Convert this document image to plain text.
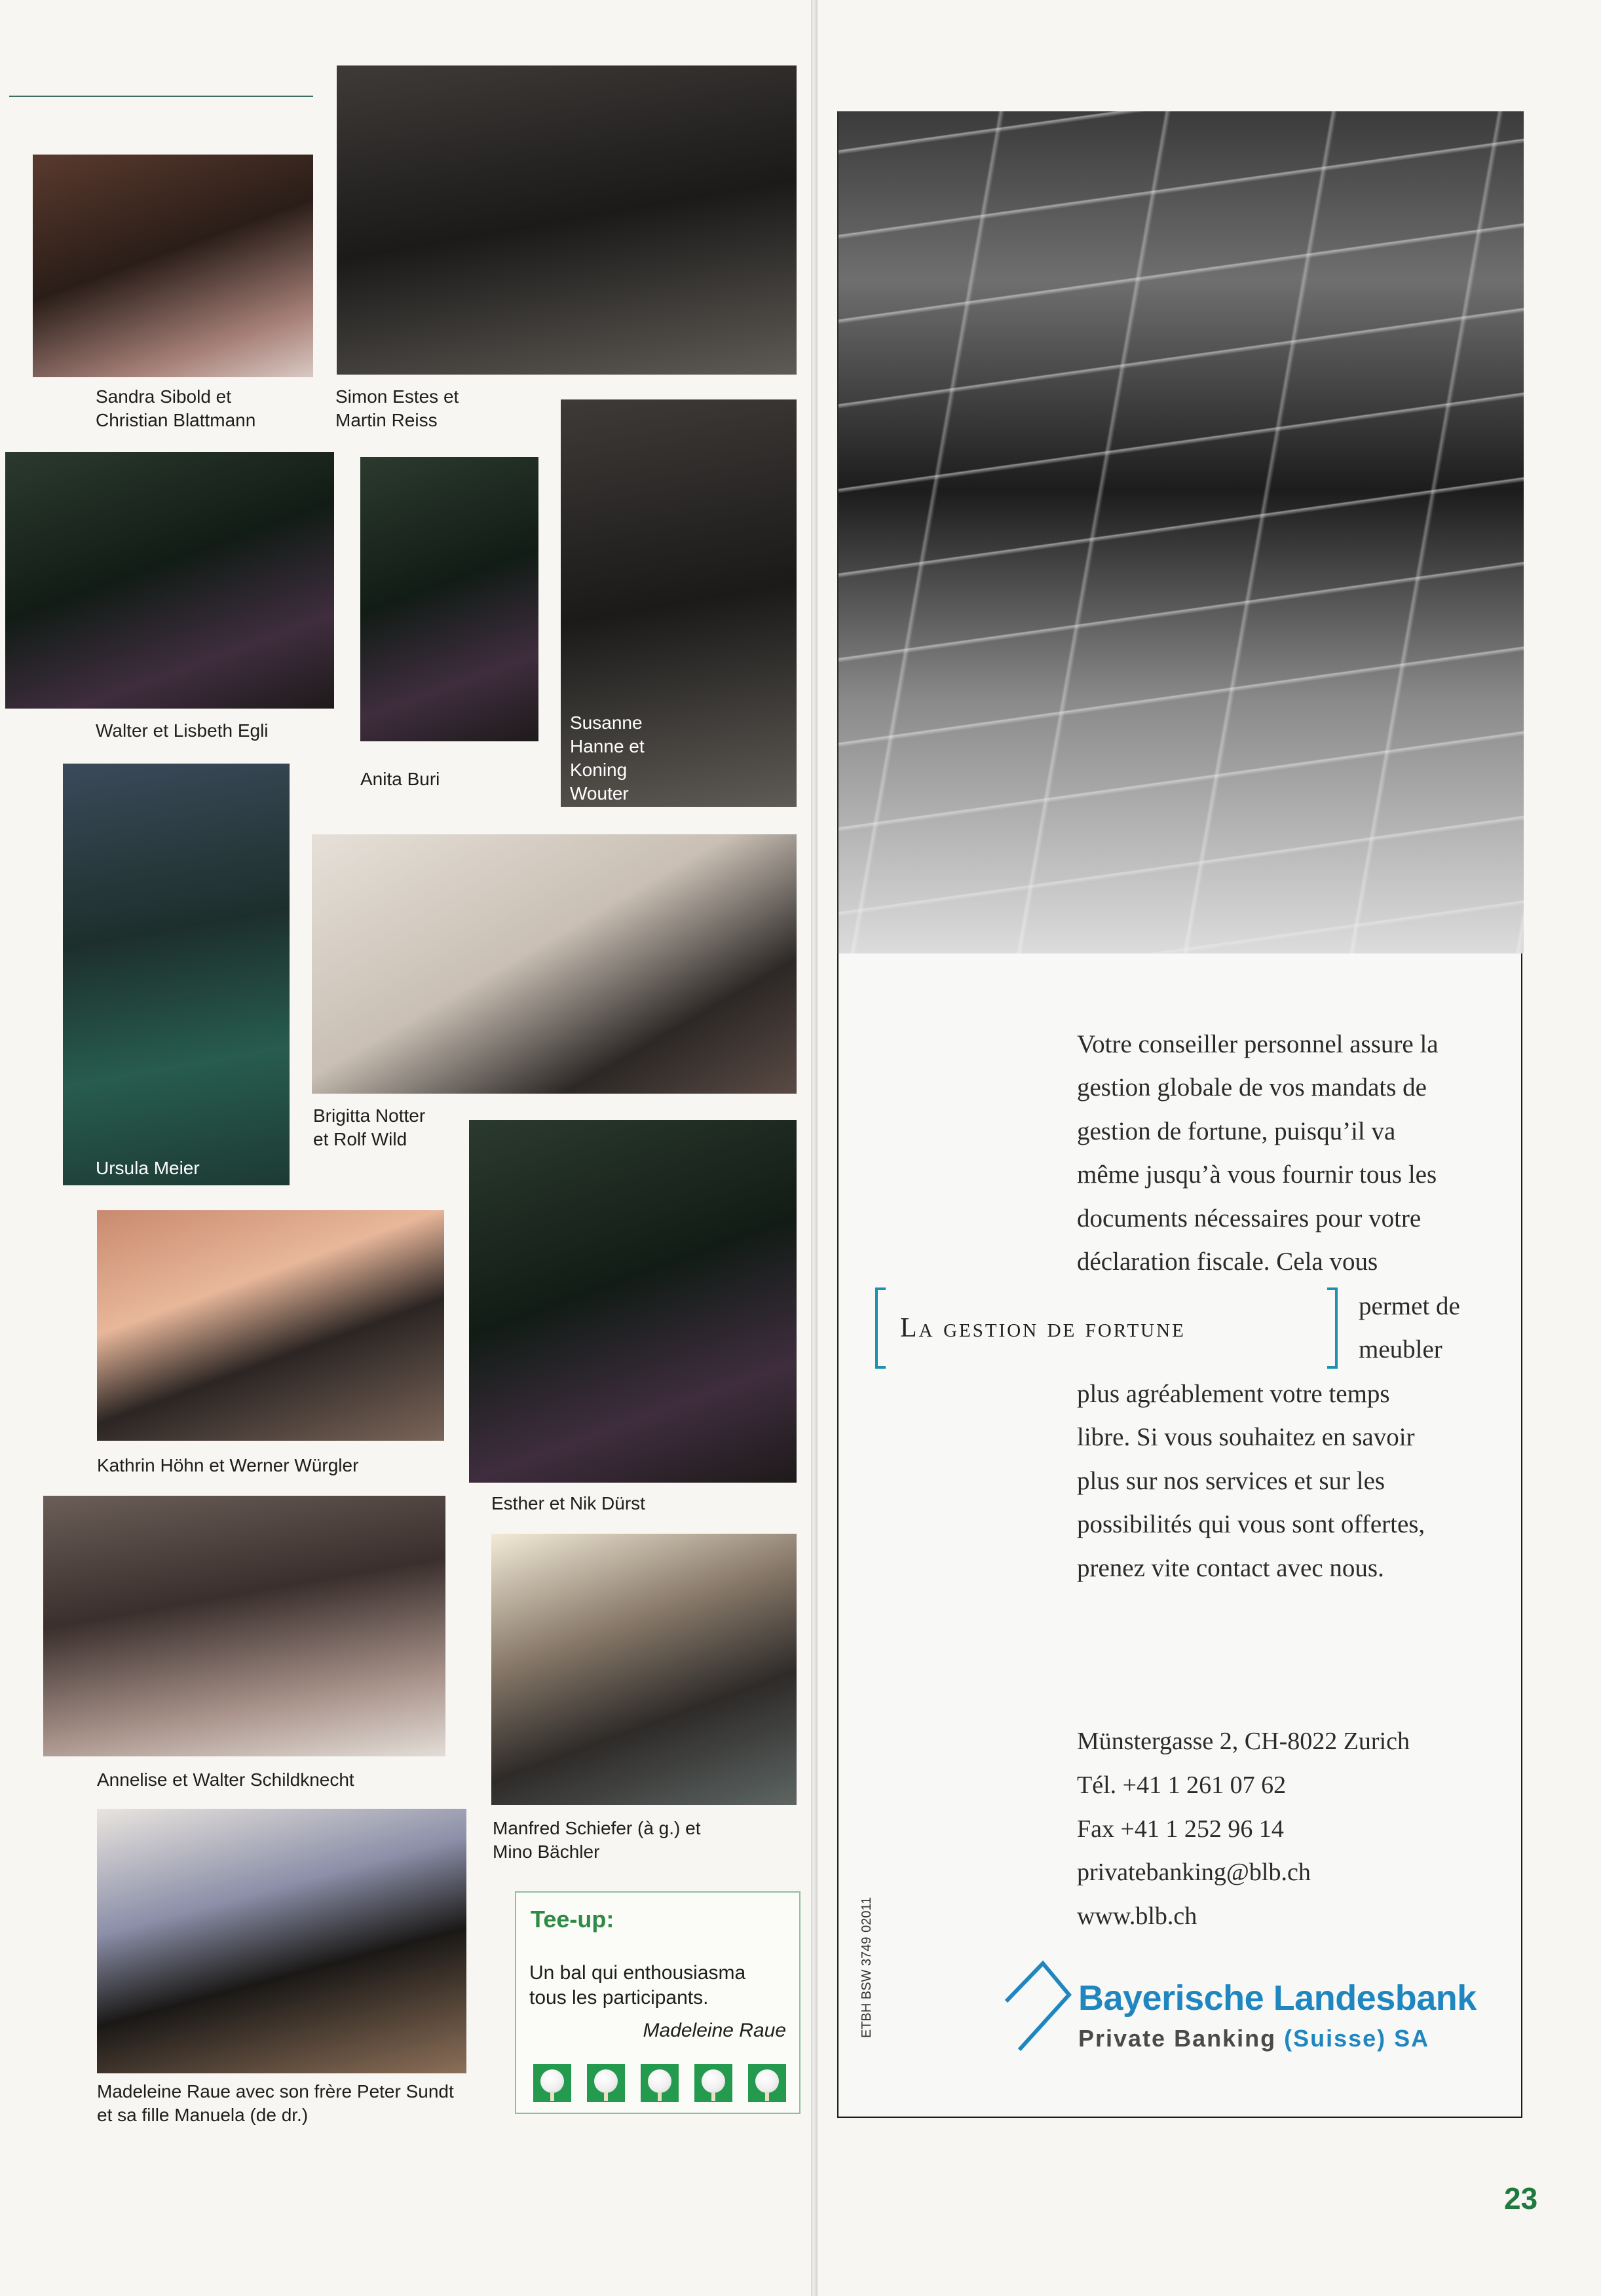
Sandra Sibold et
Christian Blattmann
Simon Estes et
Martin Reiss
Walter et Lisbeth Egli
Anita Buri
Susanne
Hanne et
Koning
Wouter
Ursula Meier
Brigitta Notter
et Rolf Wild
Kathrin Höhn et Werner Würgler
Esther et Nik Dürst
Annelise et Walter Schildknecht
Manfred Schiefer (à g.) et
Mino Bächler
Madeleine Raue avec son frère Peter Sundt
et sa fille Manuela (de dr.)
Tee-up:
Un bal qui enthousiasma
tous les participants.
Madeleine Raue
Votre conseiller personnel assure la
gestion globale de vos mandats de
gestion de fortune, puisqu’il va
même jusqu’à vous fournir tous les
documents nécessaires pour votre
déclaration fiscale. Cela vous
La gestion de fortune
permet de
meubler
plus agréablement votre temps
libre. Si vous souhaitez en savoir
plus sur nos services et sur les
possibilités qui vous sont offertes,
prenez vite contact avec nous.
Münstergasse 2, CH-8022 Zurich
Tél. +41 1 261 07 62
Fax +41 1 252 96 14
privatebanking@blb.ch
www.blb.ch
ETBH BSW 3749 02011	Bayerische Landesbank
Private Banking (Suisse) SA
23
